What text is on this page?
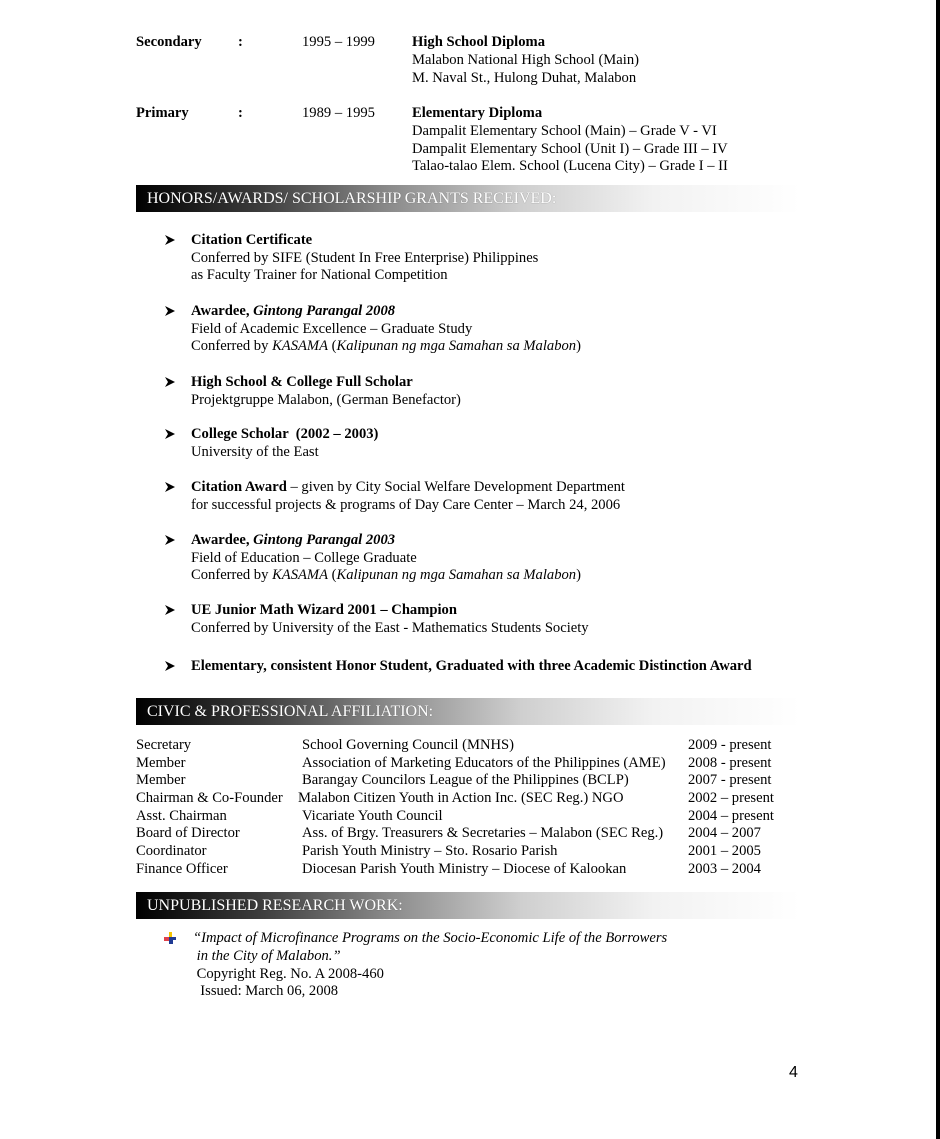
Secondary :	1995 – 1999	High School Diploma
Malabon National High School (Main)
M. Naval St., Hulong Duhat, Malabon
Primary	:	1989 – 1995	Elementary Diploma
Dampalit Elementary School (Main) – Grade V - VI
Dampalit Elementary School (Unit I) – Grade III – IV
Talao-talao Elem. School (Lucena City) – Grade I – II
HONORS/AWARDS/ SCHOLARSHIP GRANTS RECEIVED:
Citation Certificate
Conferred by SIFE (Student In Free Enterprise) Philippines
as Faculty Trainer for National Competition
Awardee, Gintong Parangal 2008
Field of Academic Excellence – Graduate Study
Conferred by KASAMA (Kalipunan ng mga Samahan sa Malabon)
High School & College Full Scholar
Projektgruppe Malabon, (German Benefactor)
College Scholar  (2002 – 2003)
University of the East
Citation Award – given by City Social Welfare Development Department
for successful projects & programs of Day Care Center – March 24, 2006
Awardee, Gintong Parangal 2003
Field of Education – College Graduate
Conferred by KASAMA (Kalipunan ng mga Samahan sa Malabon)
UE Junior Math Wizard 2001 – Champion
Conferred by University of the East - Mathematics Students Society
Elementary, consistent Honor Student, Graduated with three Academic Distinction Award
CIVIC & PROFESSIONAL AFFILIATION:
Secretary	School Governing Council (MNHS)	2009 - present
Member	Association of Marketing Educators of the Philippines (AME) 2008 - present
Member	Barangay Councilors League of the Philippines (BCLP)	2007 - present
Chairman & Co-Founder Malabon Citizen Youth in Action Inc. (SEC Reg.) NGO	2002 – present
Asst. Chairman	Vicariate Youth Council	2004 – present
Board of Director	Ass. of Brgy. Treasurers & Secretaries – Malabon (SEC Reg.) 2004 – 2007
Coordinator	Parish Youth Ministry – Sto. Rosario Parish	2001 – 2005
Finance Officer	Diocesan Parish Youth Ministry – Diocese of Kalookan	2003 – 2004
UNPUBLISHED RESEARCH WORK:
“Impact of Microfinance Programs on the Socio-Economic Life of the Borrowers
in the City of Malabon.”
Copyright Reg. No. A 2008-460
Issued: March 06, 2008
4
